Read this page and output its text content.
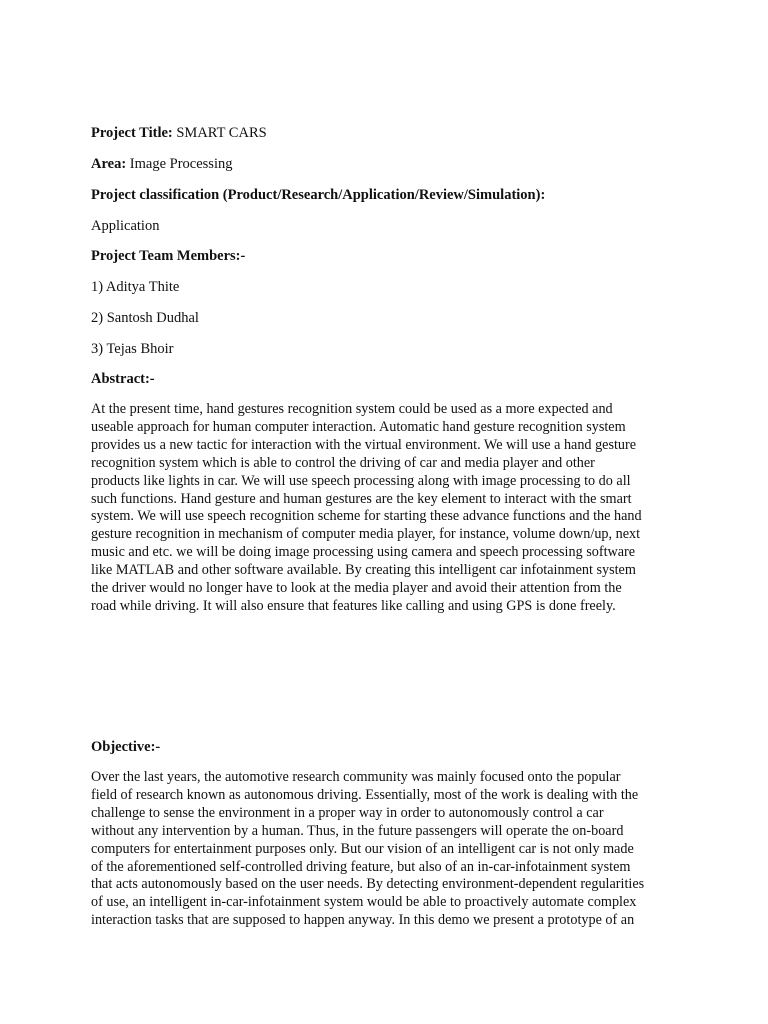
Project Title: SMART CARS
Area: Image Processing
Project classification (Product/Research/Application/Review/Simulation):
Application
Project Team Members:-
1) Aditya Thite
2) Santosh Dudhal
3) Tejas Bhoir
Abstract:-
At the present time, hand gestures recognition system could be used as a more expected and
useable approach for human computer interaction. Automatic hand gesture recognition system
provides us a new tactic for interaction with the virtual environment. We will use a hand gesture
recognition system which is able to control the driving of car and media player and other
products like lights in car. We will use speech processing along with image processing to do all
such functions. Hand gesture and human gestures are the key element to interact with the smart
system. We will use speech recognition scheme for starting these advance functions and the hand
gesture recognition in mechanism of computer media player, for instance, volume down/up, next
music and etc. we will be doing image processing using camera and speech processing software
like MATLAB and other software available. By creating this intelligent car infotainment system
the driver would no longer have to look at the media player and avoid their attention from the
road while driving. It will also ensure that features like calling and using GPS is done freely.
Objective:-
Over the last years, the automotive research community was mainly focused onto the popular
field of research known as autonomous driving. Essentially, most of the work is dealing with the
challenge to sense the environment in a proper way in order to autonomously control a car
without any intervention by a human. Thus, in the future passengers will operate the on-board
computers for entertainment purposes only. But our vision of an intelligent car is not only made
of the aforementioned self-controlled driving feature, but also of an in-car-infotainment system
that acts autonomously based on the user needs. By detecting environment-dependent regularities
of use, an intelligent in-car-infotainment system would be able to proactively automate complex
interaction tasks that are supposed to happen anyway. In this demo we present a prototype of an
